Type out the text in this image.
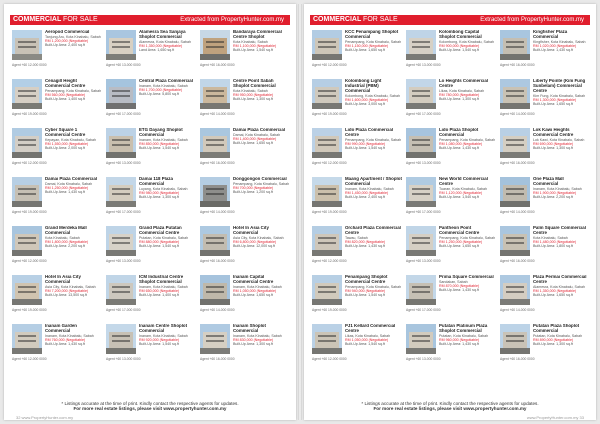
COMMERCIAL FOR SALE	Extracted from PropertyHunter.com.my
Aeropod Commercial
Tanjung Aru, Kota Kinabalu, Sabah
RM 1,200,000 (Negotiable)
Built-Up Area: 2,400 sq.ft
Agent +60 12-000 0000
Alamesra Sea Sanjaya Shoplot Commercial
Alamesra, Kota Kinabalu, Sabah
RM 1,350,000 (Negotiable)
Land Area: 1,650 sq.ft
Agent +60 13-000 0000
Bandaraya Commercial Centre Shoplot
Kota Kinabalu, Sabah
RM 1,100,000 (Negotiable)
Built-Up Area: 1,540 sq.ft
Agent +60 16-000 0000
Cenagill Height Commercial Centre
Penampang, Kota Kinabalu, Sabah
RM 560,000 (Negotiable)
Built-Up Area: 1,400 sq.ft
Agent +60 19-000 0000
Central Plaza Commercial
Inanam, Kota Kinabalu, Sabah
RM 1,700,000 (Negotiable)
Built-Up Area: 5,800 sq.ft
Agent +60 17-000 0000
Centre Point Sabah Shoplot Commercial
Kota Kinabalu, Sabah
RM 950,000 (Negotiable)
Built-Up Area: 1,300 sq.ft
Agent +60 14-000 0000
Cyber Square 1 Commercial Centre
Kepayan, Kota Kinabalu, Sabah
RM 1,550,000 (Negotiable)
Built-Up Area: 2,000 sq.ft
Agent +60 12-000 0000
ETG Dayang Shoplot Commercial
Inanam, Kota Kinabalu, Sabah
RM 850,000 (Negotiable)
Built-Up Area: 1,540 sq.ft
Agent +60 13-000 0000
Damai Plaza Commercial
Damai, Kota Kinabalu, Sabah
RM 1,400,000 (Negotiable)
Built-Up Area: 1,650 sq.ft
Agent +60 16-000 0000
Damai Plaza Commercial
Damai, Kota Kinabalu, Sabah
RM 1,250,000 (Negotiable)
Built-Up Area: 1,430 sq.ft
Agent +60 19-000 0000
Damai 118 Plaza Commercial
Luyang, Kota Kinabalu, Sabah
RM 980,000 (Negotiable)
Built-Up Area: 1,300 sq.ft
Agent +60 17-000 0000
Donggongon Commercial
Penampang, Kota Kinabalu, Sabah
RM 700,000 (Negotiable)
Built-Up Area: 1,200 sq.ft
Agent +60 14-000 0000
Grand Merdeka Mall Commercial
Kota Kinabalu, Sabah
RM 1,800,000 (Negotiable)
Built-Up Area: 2,200 sq.ft
Agent +60 12-000 0000
Grand Plaza Putatan Commercial Centre
Putatan, Kota Kinabalu, Sabah
RM 880,000 (Negotiable)
Built-Up Area: 1,540 sq.ft
Agent +60 13-000 0000
Hotel In Asia City Commercial
Asia City, Kota Kinabalu, Sabah
RM 6,800,000 (Negotiable)
Built-Up Area: 12,000 sq.ft
Agent +60 16-000 0000
Hotel In Asia City Commercial
Asia City, Kota Kinabalu, Sabah
RM 7,200,000 (Negotiable)
Built-Up Area: 13,500 sq.ft
Agent +60 19-000 0000
ICM Industrial Centre Shoplot Commercial
Inanam, Kota Kinabalu, Sabah
RM 650,000 (Negotiable)
Built-Up Area: 1,400 sq.ft
Agent +60 17-000 0000
Inanam Capital Commercial Centre
Inanam, Kota Kinabalu, Sabah
RM 1,050,000 (Negotiable)
Built-Up Area: 1,650 sq.ft
Agent +60 14-000 0000
Inanam Garden Commercial
Inanam, Kota Kinabalu, Sabah
RM 760,000 (Negotiable)
Built-Up Area: 1,430 sq.ft
Agent +60 12-000 0000
Inanam Centre Shoplot Commercial
Inanam, Kota Kinabalu, Sabah
RM 920,000 (Negotiable)
Built-Up Area: 1,540 sq.ft
Agent +60 13-000 0000
Inanam Shoplot Commercial
Inanam, Kota Kinabalu, Sabah
RM 830,000 (Negotiable)
Built-Up Area: 1,300 sq.ft
Agent +60 16-000 0000
* Listings accurate at the time of print. Kindly contact the respective agents for updates.
For more real estate listings, please visit www.propertyhunter.com.my
32 www.PropertyHunter.com.my
COMMERCIAL FOR SALE	Extracted from PropertyHunter.com.my
KCC Penampang Shoplot Commercial
Penampang, Kota Kinabalu, Sabah
RM 1,150,000 (Negotiable)
Built-Up Area: 1,650 sq.ft
Agent +60 12-000 0000
Kolombong Capital Shoplot Commercial
Kolombong, Kota Kinabalu, Sabah
RM 900,000 (Negotiable)
Built-Up Area: 1,540 sq.ft
Agent +60 13-000 0000
Kingfisher Plaza Commercial
Kingfisher, Kota Kinabalu, Sabah
RM 1,020,000 (Negotiable)
Built-Up Area: 1,430 sq.ft
Agent +60 16-000 0000
Kolombong Light Industrial (PBM) Commercial
Kolombong, Kota Kinabalu, Sabah
RM 1,600,000 (Negotiable)
Built-Up Area: 3,000 sq.ft
Agent +60 19-000 0000
Lo Heights Commercial Centre
Likas, Kota Kinabalu, Sabah
RM 780,000 (Negotiable)
Built-Up Area: 1,300 sq.ft
Agent +60 17-000 0000
Liberty Pointe (Kim Fung Sunbelam) Commercial Centre
Kim Fung, Kota Kinabalu, Sabah
RM 1,300,000 (Negotiable)
Built-Up Area: 1,650 sq.ft
Agent +60 14-000 0000
Lido Plaza Commercial Centre
Penampang, Kota Kinabalu, Sabah
RM 990,000 (Negotiable)
Built-Up Area: 1,540 sq.ft
Agent +60 12-000 0000
Lido Plaza Shoplot Commercial
Penampang, Kota Kinabalu, Sabah
RM 1,080,000 (Negotiable)
Built-Up Area: 1,430 sq.ft
Agent +60 13-000 0000
Lok Kawi Heights Commercial Centre
Lok Kawi, Kota Kinabalu, Sabah
RM 690,000 (Negotiable)
Built-Up Area: 1,300 sq.ft
Agent +60 16-000 0000
Maang Apartment / Shoplot Commercial
Inanam, Kota Kinabalu, Sabah
RM 1,450,000 (Negotiable)
Built-Up Area: 2,400 sq.ft
Agent +60 19-000 0000
New World Commercial Centre
Tuaran, Kota Kinabalu, Sabah
RM 1,120,000 (Negotiable)
Built-Up Area: 1,540 sq.ft
Agent +60 17-000 0000
One Plaza Mall Commercial
Inanam, Kota Kinabalu, Sabah
RM 1,900,000 (Negotiable)
Built-Up Area: 2,200 sq.ft
Agent +60 14-000 0000
Orchard Plaza Commercial Centre
Tawau, Sabah
RM 820,000 (Negotiable)
Built-Up Area: 1,430 sq.ft
Agent +60 12-000 0000
Pantheon Point Commercial Centre
Penampang, Kota Kinabalu, Sabah
RM 1,250,000 (Negotiable)
Built-Up Area: 1,650 sq.ft
Agent +60 13-000 0000
Palm Square Commercial Centre
Kota Kinabalu, Sabah
RM 1,480,000 (Negotiable)
Built-Up Area: 1,800 sq.ft
Agent +60 16-000 0000
Penampang Shoplot Commercial Centre
Penampang, Kota Kinabalu, Sabah
RM 940,000 (Negotiable)
Built-Up Area: 1,540 sq.ft
Agent +60 19-000 0000
Prima Square Commercial
Sandakan, Sabah
RM 870,000 (Negotiable)
Built-Up Area: 1,430 sq.ft
Agent +60 17-000 0000
Plaza Permai Commercial Centre
Alamesra, Kota Kinabalu, Sabah
RM 1,350,000 (Negotiable)
Built-Up Area: 1,650 sq.ft
Agent +60 14-000 0000
PJ1 Kellard Commercial Centre
Likas, Kota Kinabalu, Sabah
RM 1,050,000 (Negotiable)
Built-Up Area: 1,540 sq.ft
Agent +60 12-000 0000
Putatan Platinum Plaza Shoplot Commercial
Putatan, Kota Kinabalu, Sabah
RM 960,000 (Negotiable)
Built-Up Area: 1,430 sq.ft
Agent +60 13-000 0000
Putatan Plaza Shoplot Commercial
Putatan, Kota Kinabalu, Sabah
RM 890,000 (Negotiable)
Built-Up Area: 1,300 sq.ft
Agent +60 16-000 0000
* Listings accurate at the time of print. Kindly contact the respective agents for updates.
For more real estate listings, please visit www.propertyhunter.com.my
www.PropertyHunter.com.my 33
